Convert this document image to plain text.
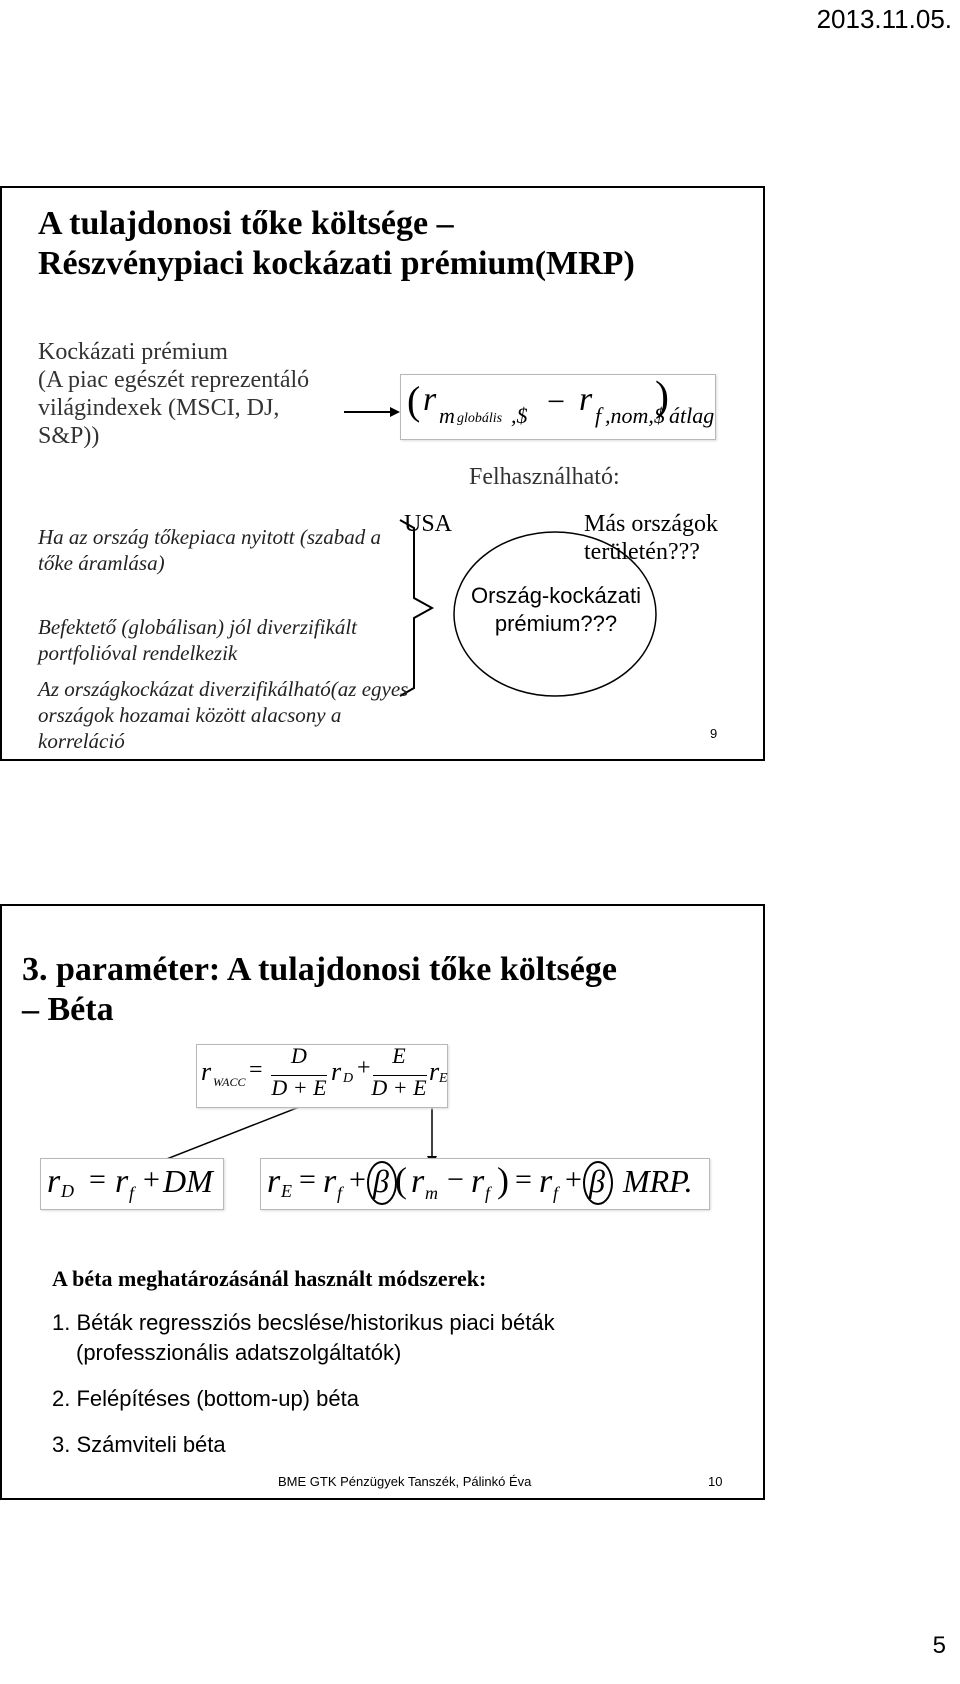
2013.11.05.
A tulajdonosi tőke költsége –
Részvénypiaci kockázati prémium(MRP)
Kockázati prémium
(A piac egészét reprezentáló
világindexek (MSCI, DJ,
S&P))
( r m globális ,$ − r f ,nom,$
) átlag
Felhasználható:
USA	Más országok
területén???
Ország-kockázati
prémium???
Ha az ország tőkepiaca nyitott (szabad a
tőke áramlása)
Befektető (globálisan) jól diverzifikált
portfolióval rendelkezik
Az országkockázat diverzifikálható(az egyes
országok hozamai között alacsony a
korreláció	9
3. paraméter: A tulajdonosi tőke költsége
– Béta
r WACC =
D
D + E
r D + E
D + E
r E
r D = r f + DM r E = r f + β ( r m − r f ) = r f + β MRP.
A béta meghatározásánál használt módszerek:
1. Béták regressziós becslése/historikus piaci béták
(professzionális adatszolgáltatók)
2. Felépítéses (bottom-up) béta
3. Számviteli béta
BME GTK Pénzügyek Tanszék, Pálinkó Éva	10
5
